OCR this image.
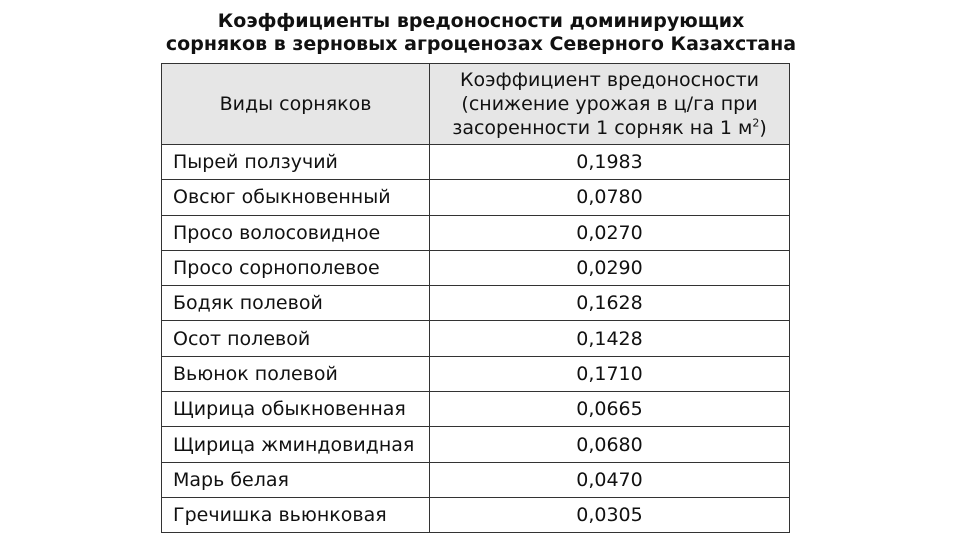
Коэффициенты вредоносности доминирующих
сорняков в зерновых агроценозах Северного Казахстана
Виды сорняков	Коэффициент вредоносности
(снижение урожая в ц/га при
засоренности 1 сорняк на 1 $м^2$)

Пырей ползучий	0,1983
Овсюг обыкновенный	0,0780
Просо волосовидное	0,0270
Просо сорнополевое	0,0290
Бодяк полевой	0,1628
Осот полевой	0,1428
Вьюнок полевой	0,1710
Щирица обыкновенная	0,0665
Щирица жминдовидная	0,0680
Марь белая	0,0470
Гречишка вьюнковая	0,0305
